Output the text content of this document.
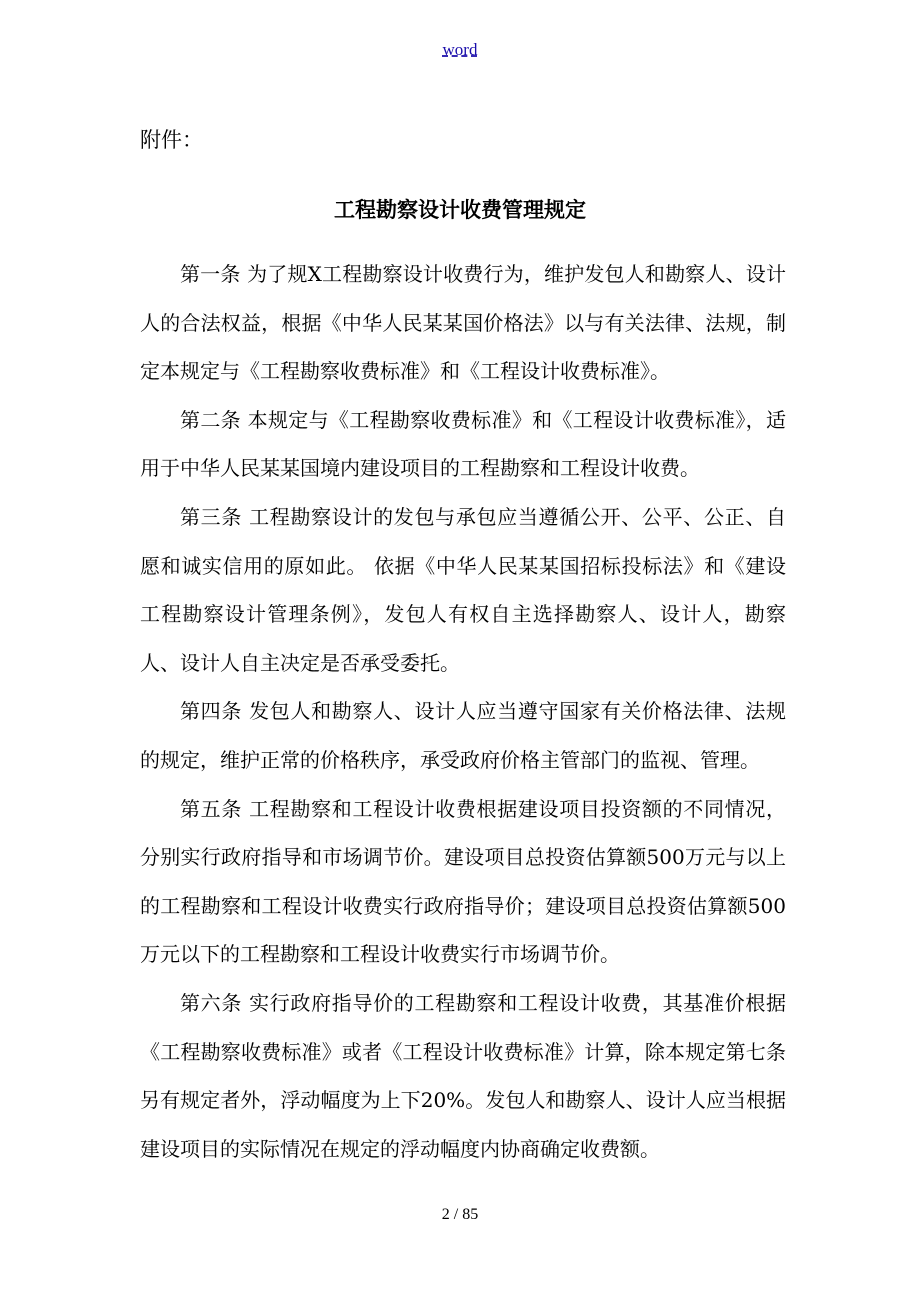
word
附件：
工程勘察设计收费管理规定

第一条 为了规X工程勘察设计收费行为，维护发包人和勘察人、设计人的合法权益，根据《中华人民某某国价格法》以与有关法律、法规，制定本规定与《工程勘察收费标准》和《工程设计收费标准》。

第二条 本规定与《工程勘察收费标准》和《工程设计收费标准》，适用于中华人民某某国境内建设项目的工程勘察和工程设计收费。

第三条 工程勘察设计的发包与承包应当遵循公开、公平、公正、自愿和诚实信用的原如此。 依据《中华人民某某国招标投标法》和《建设工程勘察设计管理条例》，发包人有权自主选择勘察人、设计人，勘察人、设计人自主决定是否承受委托。

第四条 发包人和勘察人、设计人应当遵守国家有关价格法律、法规的规定，维护正常的价格秩序，承受政府价格主管部门的监视、管理。

第五条 工程勘察和工程设计收费根据建设项目投资额的不同情况，分别实行政府指导和市场调节价。建设项目总投资估算额500万元与以上的工程勘察和工程设计收费实行政府指导价；建设项目总投资估算额500万元以下的工程勘察和工程设计收费实行市场调节价。

第六条 实行政府指导价的工程勘察和工程设计收费，其基准价根据《工程勘察收费标准》或者《工程设计收费标准》计算，除本规定第七条另有规定者外，浮动幅度为上下20%。发包人和勘察人、设计人应当根据建设项目的实际情况在规定的浮动幅度内协商确定收费额。

2 / 85
